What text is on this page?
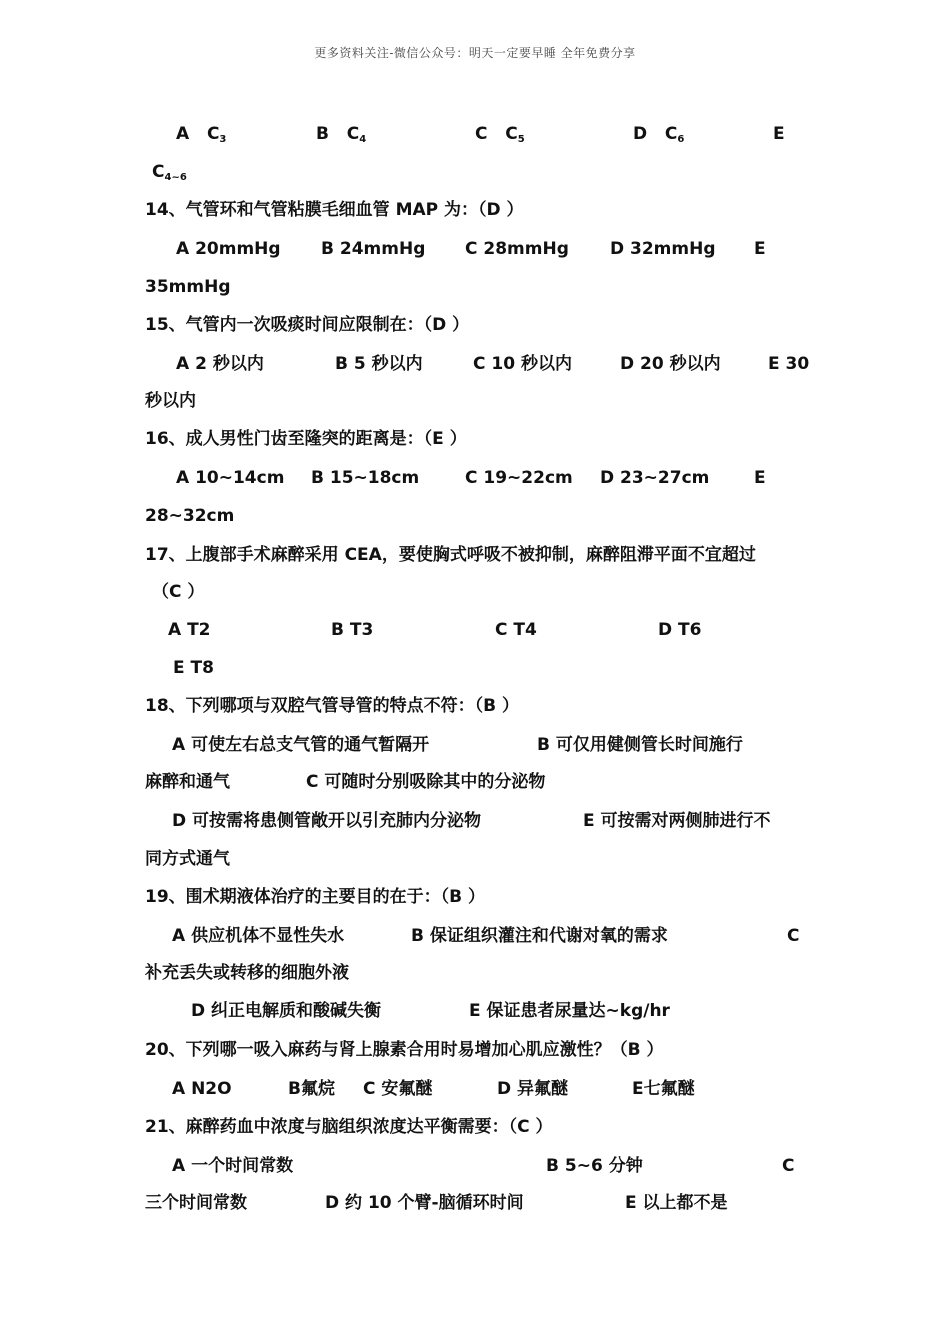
更多资料关注-微信公众号：明天一定要早睡 全年免费分享
A $C_3$	B $C_4$	C $C_5$	D $C_6$	E
$C_{4\sim 6}$
14、气管环和气管粘膜毛细血管 MAP 为：（D ）
A 20mmHg B 24mmHg C 28mmHg D 32mmHg E
35mmHg
15、气管内一次吸痰时间应限制在：（D ）
A 2 秒以内	B 5 秒以内	C 10 秒以内	D 20 秒以内	E 30
秒以内
16、成人男性门齿至隆突的距离是：（E ）
A 10~14cm B 15~18cm	C 19~22cm D 23~27cm	E
28~32cm
17、上腹部手术麻醉采用 CEA，要使胸式呼吸不被抑制，麻醉阻滞平面不宜超过
（C ）
A T2	B T3	C T4	D T6
E T8
18、下列哪项与双腔气管导管的特点不符：（B ）
A 可使左右总支气管的通气暂隔开	B 可仅用健侧管长时间施行
麻醉和通气	C 可随时分别吸除其中的分泌物
D 可按需将患侧管敞开以引充肺内分泌物	E 可按需对两侧肺进行不
同方式通气
19、围术期液体治疗的主要目的在于：（B ）
A 供应机体不显性失水	B 保证组织灌注和代谢对氧的需求	C
补充丢失或转移的细胞外液
D 纠正电解质和酸碱失衡	E 保证患者尿量达~kg/hr
20、下列哪一吸入麻药与肾上腺素合用时易增加心肌应激性？（B ）
A N2O	B氟烷 C 安氟醚	D 异氟醚	E七氟醚
21、麻醉药血中浓度与脑组织浓度达平衡需要：（C ）
A 一个时间常数	B 5~6 分钟	C
三个时间常数	D 约 10 个臂-脑循环时间	E 以上都不是
